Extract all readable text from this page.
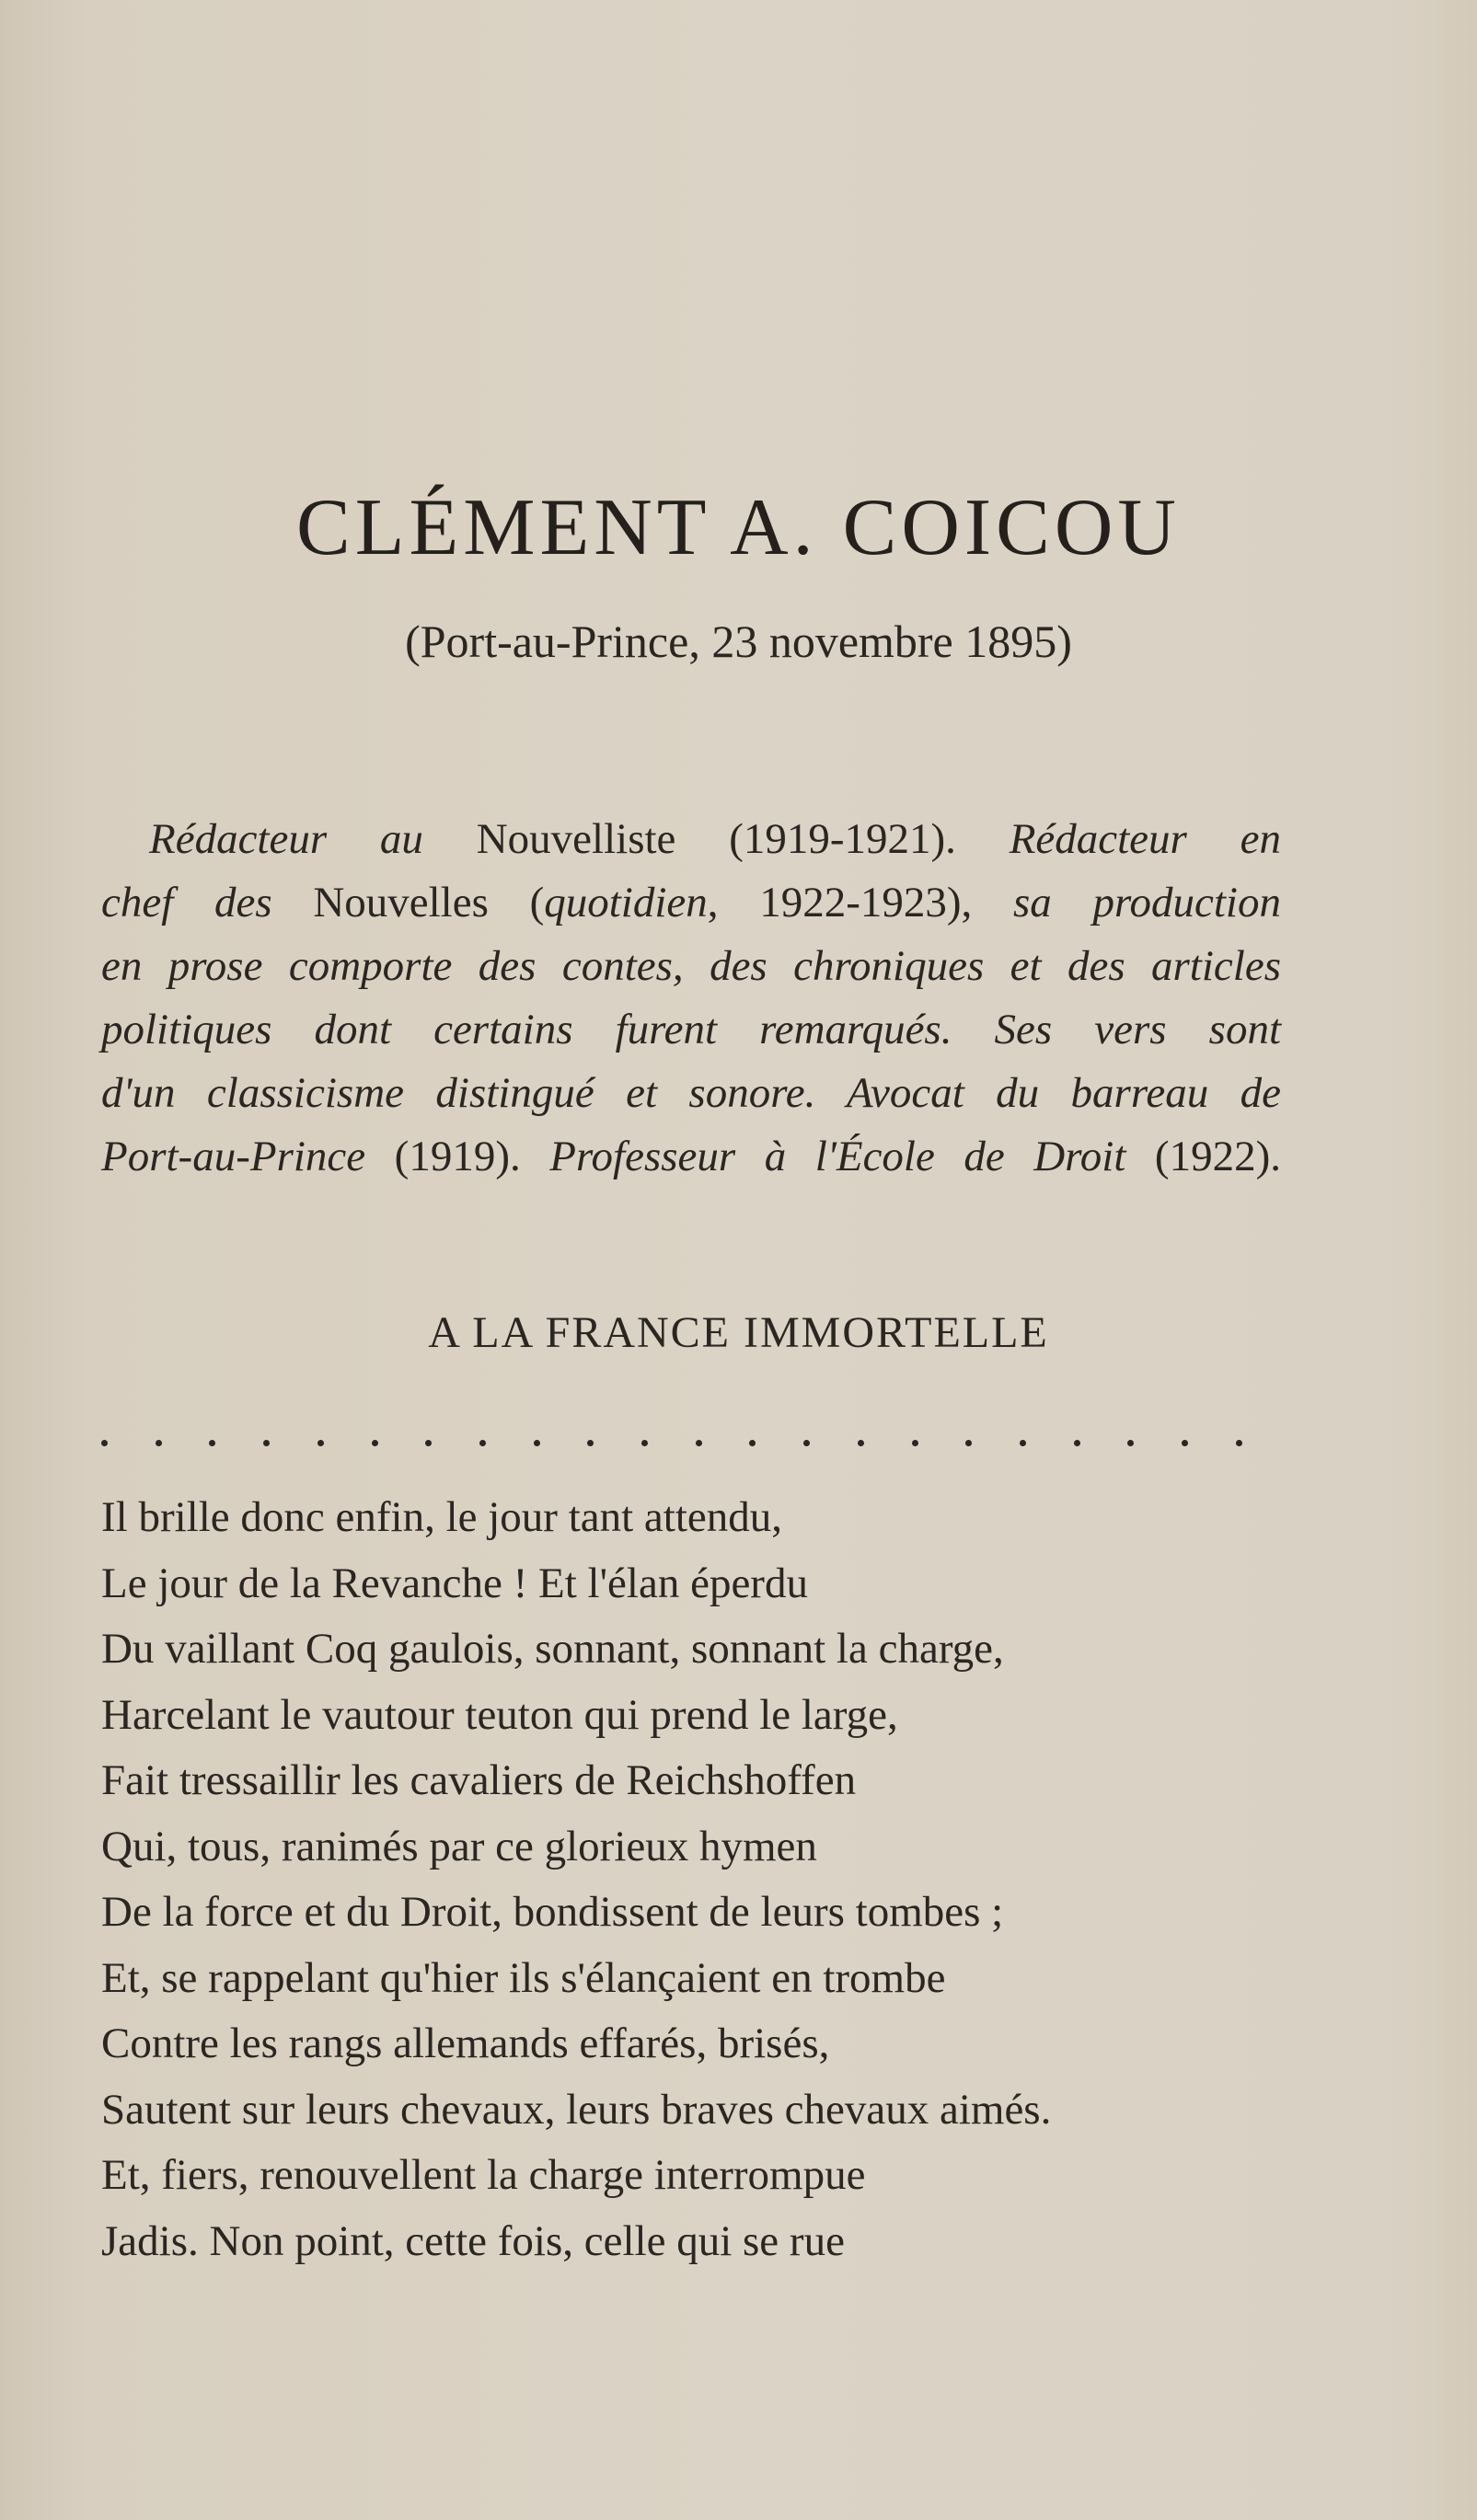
CLÉMENT A. COICOU
(Port-au-Prince, 23 novembre 1895)
Rédacteur au Nouvelliste (1919-1921). Rédacteur en
chef des Nouvelles (quotidien, 1922-1923), sa production
en prose comporte des contes, des chroniques et des articles
politiques dont certains furent remarqués. Ses vers sont
d'un classicisme distingué et sonore. Avocat du barreau de
Port-au-Prince (1919). Professeur à l'École de Droit (1922).
A LA FRANCE IMMORTELLE
Il brille donc enfin, le jour tant attendu,
Le jour de la Revanche ! Et l'élan éperdu
Du vaillant Coq gaulois, sonnant, sonnant la charge,
Harcelant le vautour teuton qui prend le large,
Fait tressaillir les cavaliers de Reichshoffen
Qui, tous, ranimés par ce glorieux hymen
De la force et du Droit, bondissent de leurs tombes ;
Et, se rappelant qu'hier ils s'élançaient en trombe
Contre les rangs allemands effarés, brisés,
Sautent sur leurs chevaux, leurs braves chevaux aimés.
Et, fiers, renouvellent la charge interrompue
Jadis. Non point, cette fois, celle qui se rue
